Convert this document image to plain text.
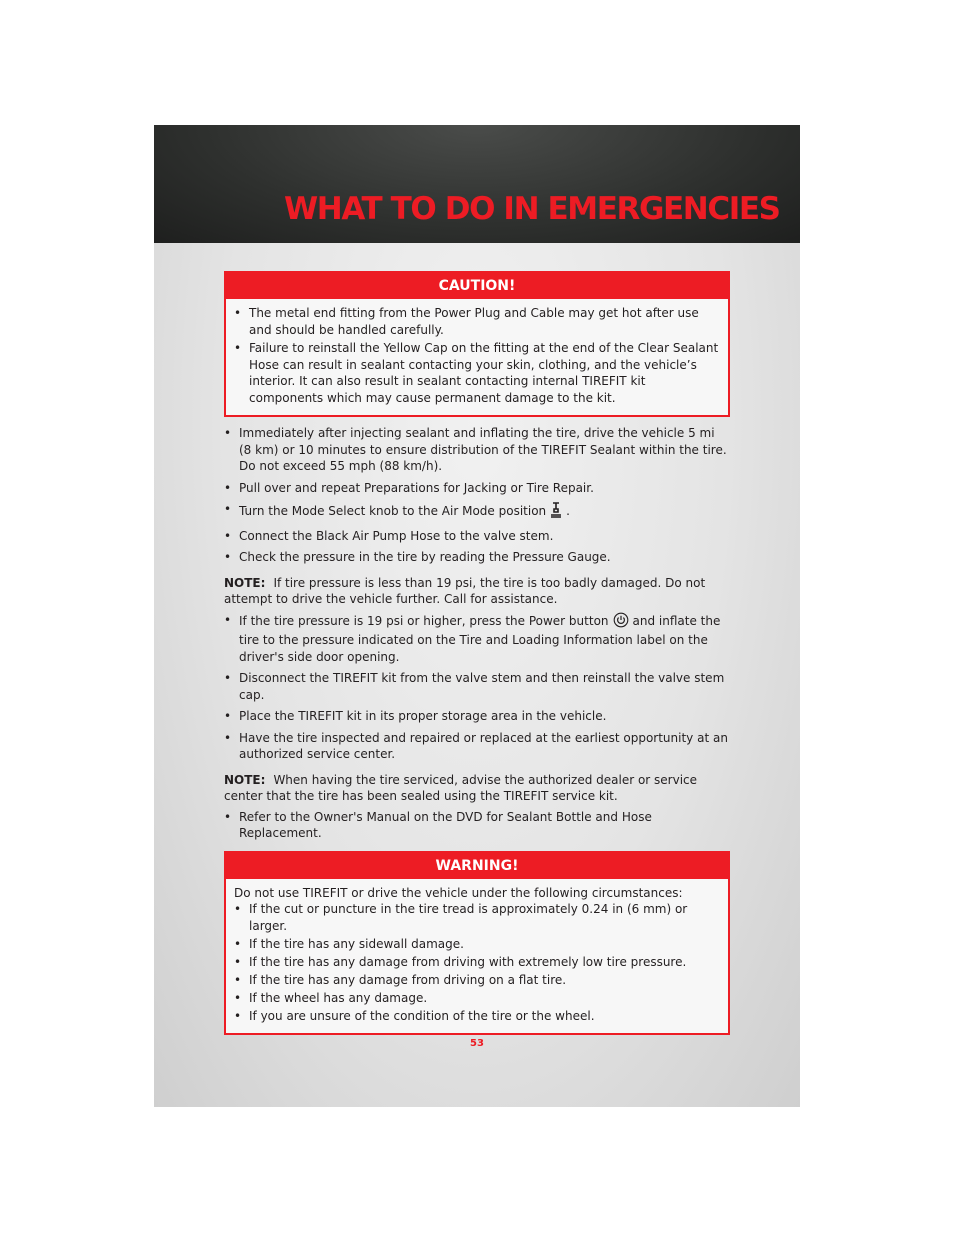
WHAT TO DO IN EMERGENCIES
CAUTION!
• The metal end fitting from the Power Plug and Cable may get hot after use and should be handled carefully.
• Failure to reinstall the Yellow Cap on the fitting at the end of the Clear Sealant Hose can result in sealant contacting your skin, clothing, and the vehicle’s interior. It can also result in sealant contacting internal TIREFIT kit components which may cause permanent damage to the kit.
• Immediately after injecting sealant and inflating the tire, drive the vehicle 5 mi (8 km) or 10 minutes to ensure distribution of the TIREFIT Sealant within the tire. Do not exceed 55 mph (88 km/h).
• Pull over and repeat Preparations for Jacking or Tire Repair.
• Turn the Mode Select knob to the Air Mode position .
• Connect the Black Air Pump Hose to the valve stem.
• Check the pressure in the tire by reading the Pressure Gauge.

NOTE: If tire pressure is less than 19 psi, the tire is too badly damaged. Do not attempt to drive the vehicle further. Call for assistance.

• If the tire pressure is 19 psi or higher, press the Power button and inflate the tire to the pressure indicated on the Tire and Loading Information label on the driver's side door opening.
• Disconnect the TIREFIT kit from the valve stem and then reinstall the valve stem cap.
• Place the TIREFIT kit in its proper storage area in the vehicle.
• Have the tire inspected and repaired or replaced at the earliest opportunity at an authorized service center.

NOTE: When having the tire serviced, advise the authorized dealer or service center that the tire has been sealed using the TIREFIT service kit.

• Refer to the Owner's Manual on the DVD for Sealant Bottle and Hose Replacement.
WARNING!
Do not use TIREFIT or drive the vehicle under the following circumstances:
• If the cut or puncture in the tire tread is approximately 0.24 in (6 mm) or larger.
• If the tire has any sidewall damage.
• If the tire has any damage from driving with extremely low tire pressure.
• If the tire has any damage from driving on a flat tire.
• If the wheel has any damage.
• If you are unsure of the condition of the tire or the wheel.
53
